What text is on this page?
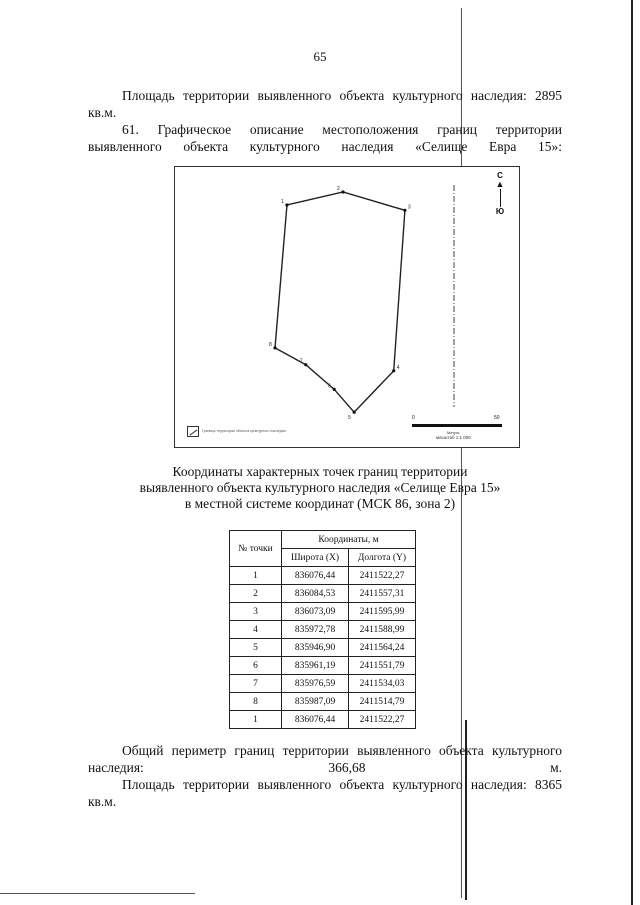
65
Площадь территории выявленного объекта культурного наследия: 2895 кв.м.
61. Графическое описание местоположения границ территории выявленного объекта культурного наследия «Селище Евра 15»:
1
2
3
4
5
6
7
8
С
▲
Ю
0	50
Метры
масштаб 1:1 000
Граница территории объекта культурного наследия
Координаты характерных точек границ территории
выявленного объекта культурного наследия «Селище Евра 15»
в местной системе координат (МСК 86, зона 2)
№ точки	Координаты, м	
	Широта (X)	Долгота (Y)
1	836076,44	2411522,27
2	836084,53	2411557,31
3	836073,09	2411595,99
4	835972,78	2411588,99
5	835946,90	2411564,24
6	835961,19	2411551,79
7	835976,59	2411534,03
8	835987,09	2411514,79
1	836076,44	2411522,27
Общий периметр границ территории выявленного объекта культурного наследия: 366,68 м.
Площадь территории выявленного объекта культурного наследия: 8365 кв.м.
